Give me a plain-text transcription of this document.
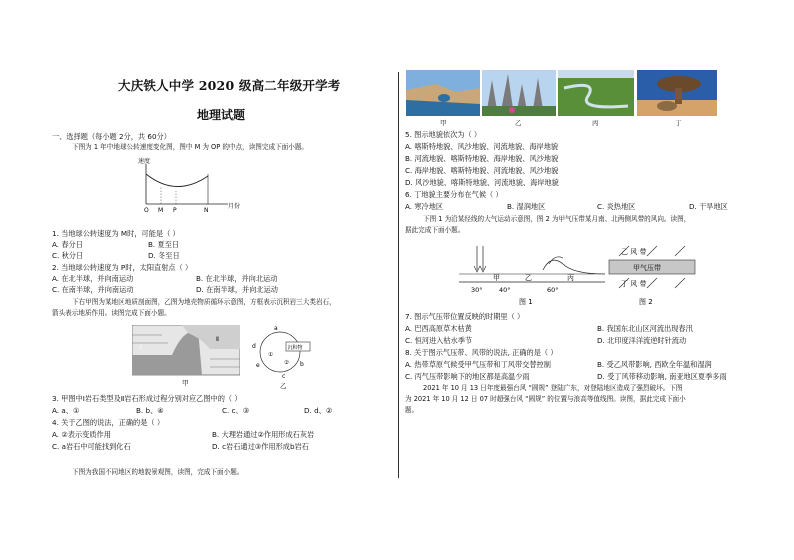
大庆铁人中学 2020 级高二年级开学考
地理试题
一、选择题（每小题 2分，共 60分）
下图为 1 年中地球公转速度变化图，图中 M 为 OP 的中点，读图完成下面小题。
速度
月份
O M P	N
1. 当地球公转速度为 M时，可能是（ ）
A. 春分日	B. 夏至日
C. 秋分日	D. 冬至日
2. 当地球公转速度为 P时，太阳直射点（ ）
A. 在北半球，并向南运动	B. 在北半球，并向北运动
C. 在南半球，并向南运动	D. 在南半球，并向北运动
下右甲图为某地区地质剖面图，乙图为地壳物质循环示意图，方框表示沉积岩三大类岩石，
箭头表示地质作用。读图完成下面小题。
Ⅰ
Ⅱ
甲
沉积物
a
d
e
c
b
①
②
乙
3. 甲图中Ⅰ岩石类型及Ⅱ岩石形成过程分别对应乙图中的（ ）
A. a、①	B. b、④	C. c、③	D. d、②
4. 关于乙图的说法，正确的是（ ）
A. ②表示变质作用	B. 大理岩通过②作用形成石灰岩
C. a岩石中可能找到化石	D. c岩石通过③作用形成b岩石
下图为我国不同地区的地貌景观图，读图，完成下面小题。
甲	乙	丙	丁
5. 图示地貌依次为（ ）
A. 喀斯特地貌、风沙地貌、河流地貌、海岸地貌
B. 河流地貌、喀斯特地貌、海岸地貌、风沙地貌
C. 海岸地貌、喀斯特地貌、河流地貌、风沙地貌
D. 风沙地貌、喀斯特地貌、河流地貌、海岸地貌
6. 丁地貌主要分布在气候（ ）
A. 寒冷地区	B. 湿润地区	C. 炎热地区	D. 干旱地区
下图 1 为沿某经线的大气运动示意图，图 2 为甲气压带某月南、北两侧风带的风向。读图，
据此完成下面小题。
甲	乙	丙
30°	40°	60°
图 1
甲气压带
乙 风 带
丁 风 带
图 2
7. 图示气压带位置反映的时期里（ ）
A. 巴西高原草木枯黄	B. 我国东北山区河流出现春汛
C. 恒河进入枯水季节	D. 北印度洋洋流逆时针流动
8. 关于图示气压带、风带的说法, 正确的是（ ）
A. 热带草原气候受甲气压带和丁风带交替控制	B. 受乙风带影响, 西欧全年温和湿润
C. 丙气压带影响下的地区都是高温少雨	D. 受丁风带移动影响, 南亚地区夏季多雨
2021 年 10 月 13 日年度最强台风 “圆规” 登陆广东，对登陆地区造成了强烈破坏。下图
为 2021 年 10 月 12 日 07 时超强台风 “圆规” 的位置与浪高等值线图。读图，据此完成下面小
题。
